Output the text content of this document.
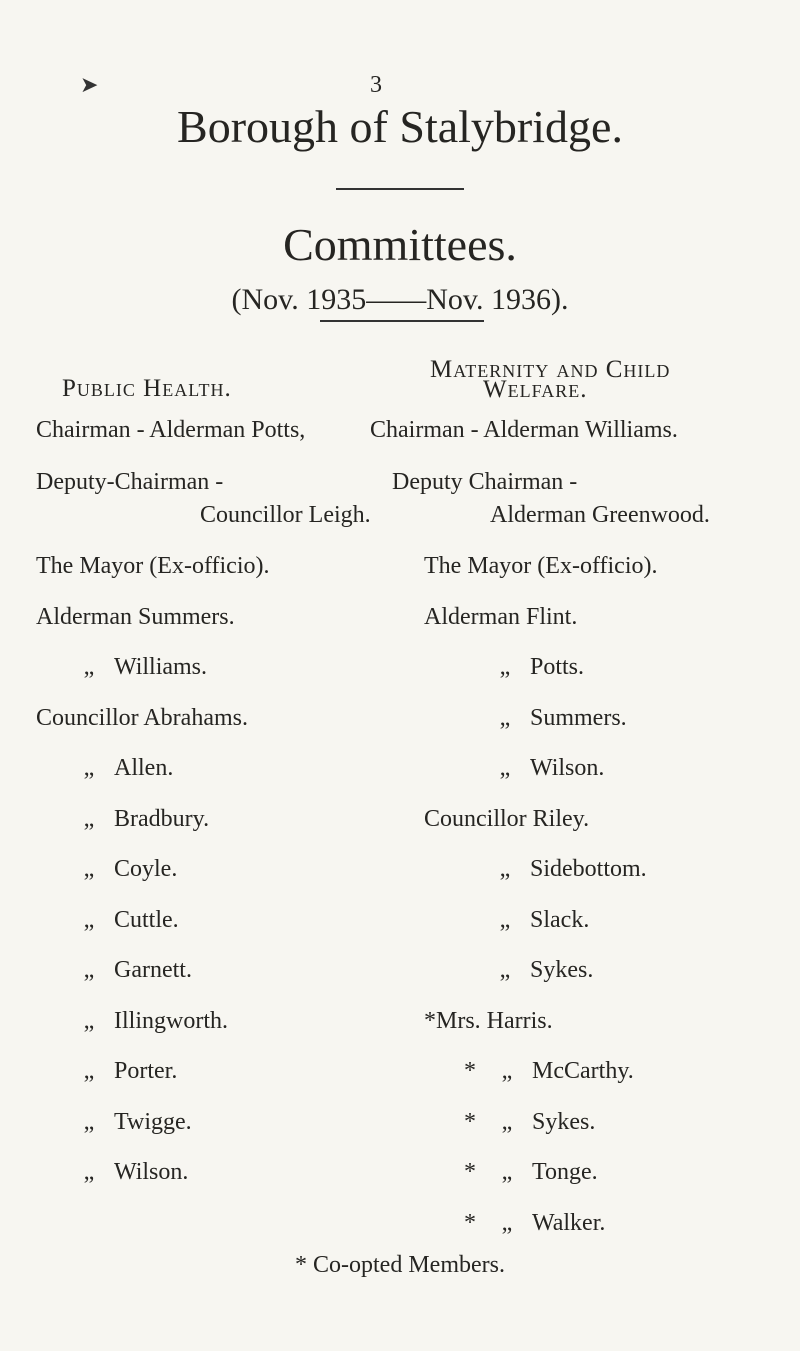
➤	3
Borough of Stalybridge.
Committees.
(Nov. 1935——Nov. 1936).
Public Health.
Chairman - Alderman Potts,
Deputy-Chairman -
Councillor Leigh.
The Mayor (Ex-officio).
Alderman Summers.
„ Williams.
Councillor Abrahams.
„ Allen.
„ Bradbury.
„ Coyle.
„ Cuttle.
„ Garnett.
„ Illingworth.
„ Porter.
„ Twigge.
„ Wilson.
Maternity and Child
Welfare.
Chairman - Alderman Williams.
Deputy Chairman -
Alderman Greenwood.
The Mayor (Ex-officio).
Alderman Flint.
„ Potts.
„ Summers.
„ Wilson.
Councillor Riley.
„ Sidebottom.
„ Slack.
„ Sykes.
*Mrs. Harris.
* „ McCarthy.
* „ Sykes.
* „ Tonge.
* „ Walker.
* Co-opted Members.
